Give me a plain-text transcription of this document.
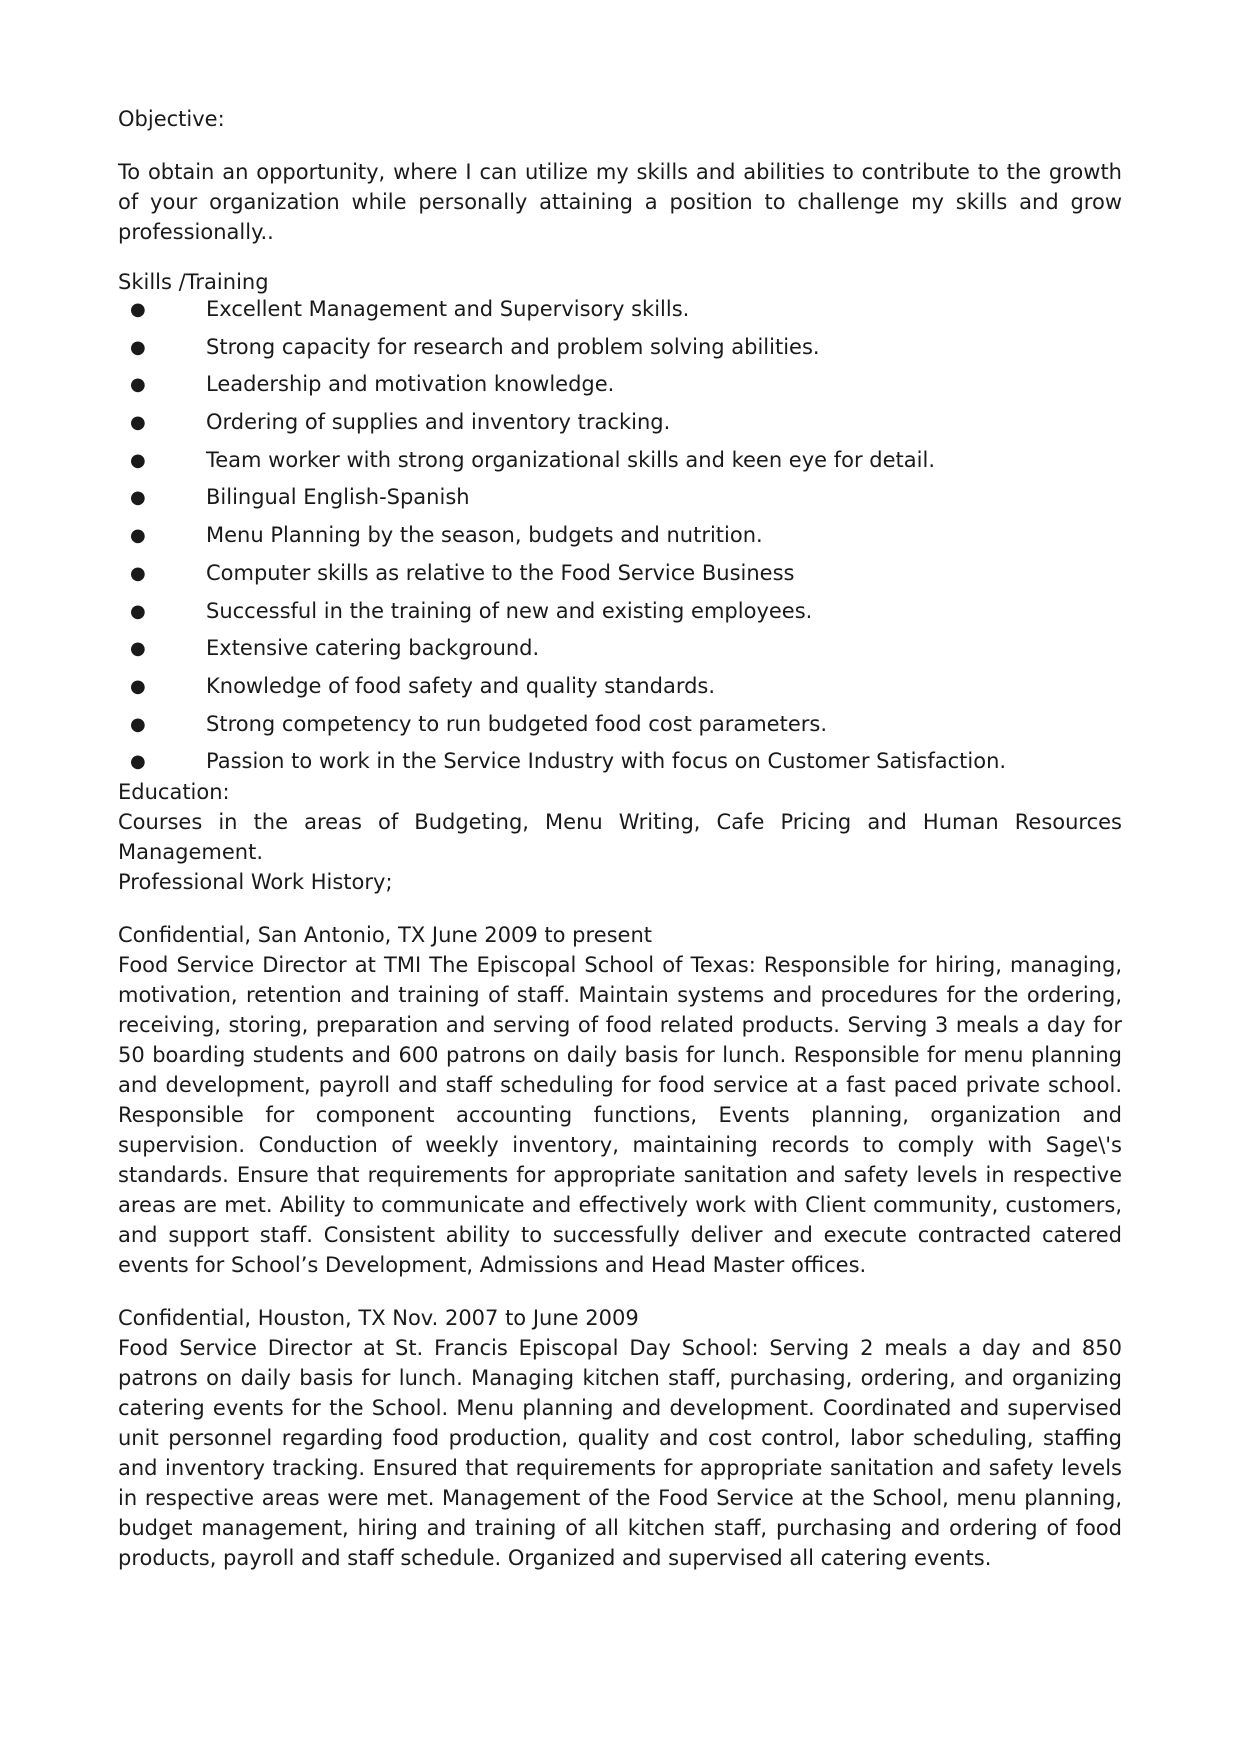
Objective:

To obtain an opportunity, where I can utilize my skills and abilities to contribute to the growth of your organization while personally attaining a position to challenge my skills and grow professionally..

Skills /Training

●	Excellent Management and Supervisory skills.
●	Strong capacity for research and problem solving abilities.
●	Leadership and motivation knowledge.
●	Ordering of supplies and inventory tracking.
●	Team worker with strong organizational skills and keen eye for detail.
●	Bilingual English-Spanish
●	Menu Planning by the season, budgets and nutrition.
●	Computer skills as relative to the Food Service Business
●	Successful in the training of new and existing employees.
●	Extensive catering background.
●	Knowledge of food safety and quality standards.
●	Strong competency to run budgeted food cost parameters.
●	Passion to work in the Service Industry with focus on Customer Satisfaction.

Education:

Courses in the areas of Budgeting, Menu Writing, Cafe Pricing and Human Resources Management.

Professional Work History;

Confidential, San Antonio, TX June 2009 to present

Food Service Director at TMI The Episcopal School of Texas: Responsible for hiring, managing, motivation, retention and training of staff. Maintain systems and procedures for the ordering, receiving, storing, preparation and serving of food related products. Serving 3 meals a day for 50 boarding students and 600 patrons on daily basis for lunch. Responsible for menu planning and development, payroll and staff scheduling for food service at a fast paced private school. Responsible for component accounting functions, Events planning, organization and supervision. Conduction of weekly inventory, maintaining records to comply with Sage\'s standards. Ensure that requirements for appropriate sanitation and safety levels in respective areas are met. Ability to communicate and effectively work with Client community, customers, and support staff. Consistent ability to successfully deliver and execute contracted catered events for School’s Development, Admissions and Head Master offices.

Confidential, Houston, TX Nov. 2007 to June 2009

Food Service Director at St. Francis Episcopal Day School: Serving 2 meals a day and 850 patrons on daily basis for lunch. Managing kitchen staff, purchasing, ordering, and organizing catering events for the School. Menu planning and development. Coordinated and supervised unit personnel regarding food production, quality and cost control, labor scheduling, staffing and inventory tracking. Ensured that requirements for appropriate sanitation and safety levels in respective areas were met. Management of the Food Service at the School, menu planning, budget management, hiring and training of all kitchen staff, purchasing and ordering of food products, payroll and staff schedule. Organized and supervised all catering events.
